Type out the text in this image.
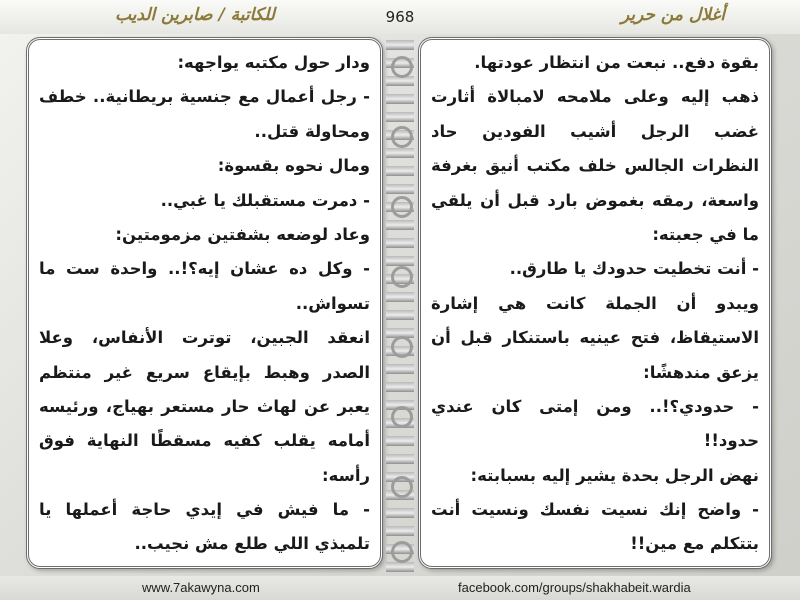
أغلال من حرير
968
للكاتبة / صابرين الديب
ودار حول مكتبه يواجهه:
- رجل أعمال مع جنسية بريطانية.. خطف
ومحاولة قتل..
ومال نحوه بقسوة:
- دمرت مستقبلك يا غبي..
وعاد لوضعه بشفتين مزمومتين:
- وكل ده عشان إيه؟!.. واحدة ست ما
تسواش..
انعقد الجبين، توترت الأنفاس، وعلا
الصدر وهبط بإيقاع سريع غير منتظم
يعبر عن لهاث حار مستعر بهياج، ورئيسه
أمامه يقلب كفيه مسقطًا النهاية فوق
رأسه:
- ما فيش في إيدي حاجة أعملها يا
تلميذي اللي طلع مش نجيب..
بقوة دفع.. نبعت من انتظار عودتها.
ذهب إليه وعلى ملامحه لامبالاة أثارت
غضب الرجل أشيب الفودين حاد
النظرات الجالس خلف مكتب أنيق بغرفة
واسعة، رمقه بغموض بارد قبل أن يلقي
ما في جعبته:
- أنت تخطيت حدودك يا طارق..
ويبدو أن الجملة كانت هي إشارة
الاستيقاظ، فتح عينيه باستنكار قبل أن
يزعق مندهشًا:
- حدودي؟!.. ومن إمتى كان عندي
حدود!!
نهض الرجل بحدة يشير إليه بسبابته:
- واضح إنك نسيت نفسك ونسيت أنت
بتتكلم مع مين!!
www.7akawyna.com	facebook.com/groups/shakhabeit.wardia
